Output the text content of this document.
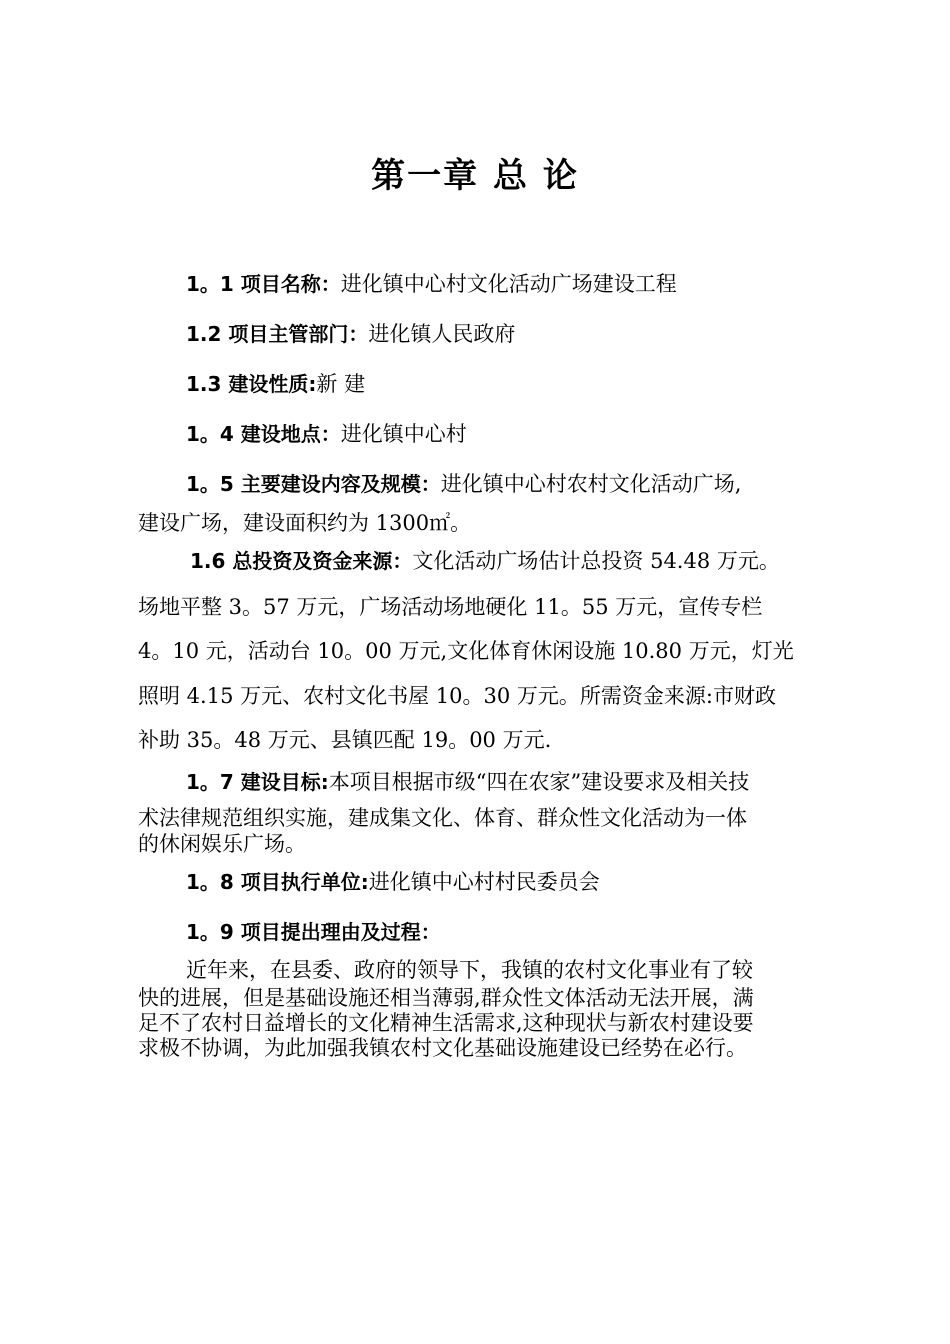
第一章 总 论
1。1 项目名称：进化镇中心村文化活动广场建设工程
1.2 项目主管部门：进化镇人民政府
1.3 建设性质:新 建
1。4 建设地点：进化镇中心村
1。5 主要建设内容及规模：进化镇中心村农村文化活动广场,
建设广场，建设面积约为 1300㎡。
1.6 总投资及资金来源：文化活动广场估计总投资 54.48 万元。
场地平整 3。57 万元，广场活动场地硬化 11。55 万元，宣传专栏
4。10 元，活动台 10。00 万元,文化体育休闲设施 10.80 万元，灯光
照明 4.15 万元、农村文化书屋 10。30 万元。所需资金来源:市财政
补助 35。48 万元、县镇匹配 19。00 万元.
1。7 建设目标:本项目根据市级“四在农家”建设要求及相关技
术法律规范组织实施，建成集文化、体育、群众性文化活动为一体
的休闲娱乐广场。
1。8 项目执行单位:进化镇中心村村民委员会
1。9 项目提出理由及过程：
近年来，在县委、政府的领导下，我镇的农村文化事业有了较
快的进展，但是基础设施还相当薄弱,群众性文体活动无法开展，满
足不了农村日益增长的文化精神生活需求,这种现状与新农村建设要
求极不协调，为此加强我镇农村文化基础设施建设已经势在必行。
